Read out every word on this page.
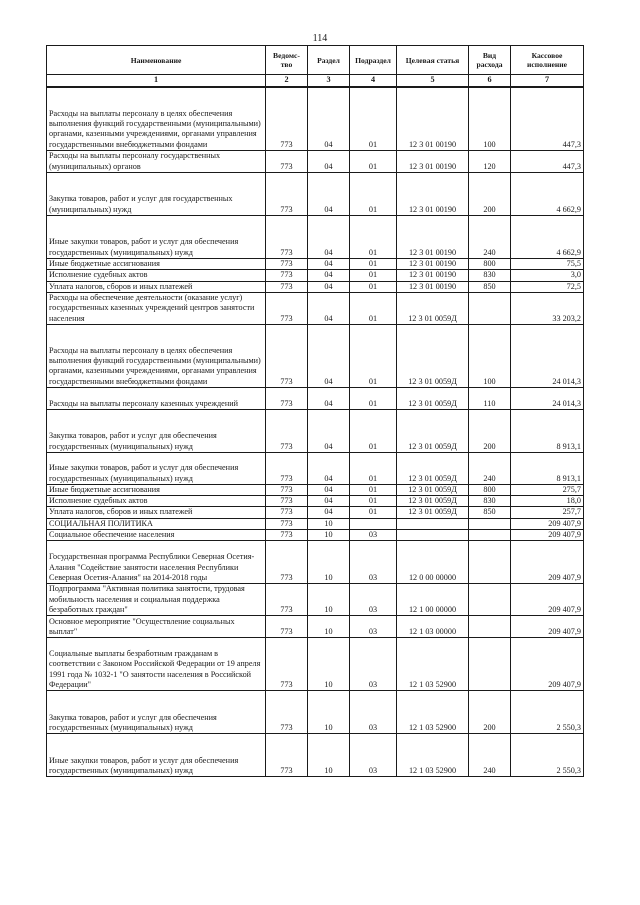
114
Наименование	Ведомс-тво	Раздел	Подраздел	Целевая статья	Вид расхода	Кассовое исполнение
1	2	3	4	5	6	7
Расходы на выплаты персоналу в целях обеспечения выполнения функций государственными (муниципальными) органами, казенными учреждениями, органами управления государственными внебюджетными фондами	773	04	01	12 3 01 00190	100	447,3
Расходы на выплаты персоналу государственных (муниципальных) органов	773	04	01	12 3 01 00190	120	447,3
Закупка товаров, работ и услуг для государственных (муниципальных) нужд	773	04	01	12 3 01 00190	200	4 662,9
Иные закупки товаров, работ и услуг для обеспечения государственных (муниципальных) нужд	773	04	01	12 3 01 00190	240	4 662,9
Иные бюджетные ассигнования	773	04	01	12 3 01 00190	800	75,5
Исполнение судебных актов	773	04	01	12 3 01 00190	830	3,0
Уплата налогов, сборов и иных платежей	773	04	01	12 3 01 00190	850	72,5
Расходы на обеспечение деятельности (оказание услуг) государственных казенных учреждений центров занятости населения	773	04	01	12 3 01 0059Д		33 203,2
Расходы на выплаты персоналу в целях обеспечения выполнения функций государственными (муниципальными) органами, казенными учреждениями, органами управления государственными внебюджетными фондами	773	04	01	12 3 01 0059Д	100	24 014,3
Расходы на выплаты персоналу казенных учреждений	773	04	01	12 3 01 0059Д	110	24 014,3
Закупка товаров, работ и услуг для обеспечения государственных (муниципальных) нужд	773	04	01	12 3 01 0059Д	200	8 913,1
Иные закупки товаров, работ и услуг для обеспечения государственных (муниципальных) нужд	773	04	01	12 3 01 0059Д	240	8 913,1
Иные бюджетные ассигнования	773	04	01	12 3 01 0059Д	800	275,7
Исполнение судебных актов	773	04	01	12 3 01 0059Д	830	18,0
Уплата налогов, сборов и иных платежей	773	04	01	12 3 01 0059Д	850	257,7
СОЦИАЛЬНАЯ ПОЛИТИКА	773	10				209 407,9
Социальное обеспечение населения	773	10	03			209 407,9
Государственная программа Республики Северная Осетия-Алания "Содействие занятости населения Республики Северная Осетия-Алания" на 2014-2018 годы	773	10	03	12 0 00 00000		209 407,9
Подпрограмма "Активная политика занятости, трудовая мобильность населения и социальная поддержка безработных граждан"	773	10	03	12 1 00 00000		209 407,9
Основное мероприятие "Осуществление социальных выплат"	773	10	03	12 1 03 00000		209 407,9
Социальные выплаты безработным гражданам в соответствии с Законом Российской Федерации от 19 апреля 1991 года № 1032-1 "О занятости населения в Российской Федерации"	773	10	03	12 1 03 52900		209 407,9
Закупка товаров, работ и услуг для обеспечения государственных (муниципальных) нужд	773	10	03	12 1 03 52900	200	2 550,3
Иные закупки товаров, работ и услуг для обеспечения государственных (муниципальных) нужд	773	10	03	12 1 03 52900	240	2 550,3
